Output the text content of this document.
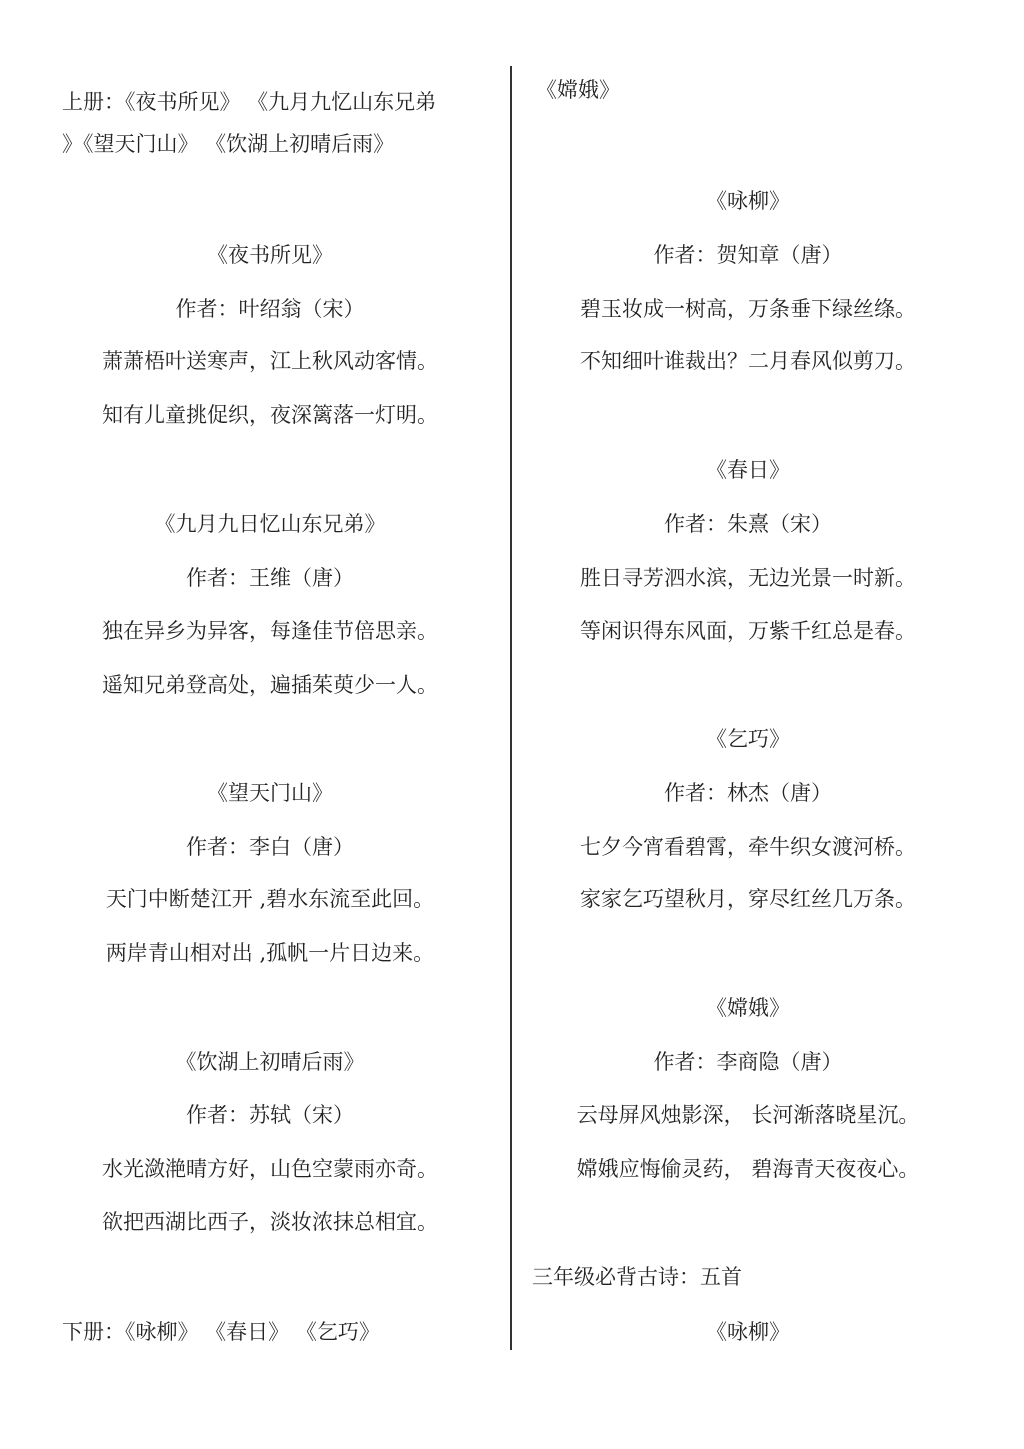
上册：《夜书所见》 《九月九忆山东兄弟
》《望天门山》 《饮湖上初晴后雨》
《夜书所见》
作者：叶绍翁（宋）
萧萧梧叶送寒声，江上秋风动客情。
知有儿童挑促织，夜深篱落一灯明。
《九月九日忆山东兄弟》
作者：王维（唐）
独在异乡为异客，每逢佳节倍思亲。
遥知兄弟登高处，遍插茱萸少一人。
《望天门山》
作者：李白（唐）
天门中断楚江开 ,碧水东流至此回。
两岸青山相对出 ,孤帆一片日边来。
《饮湖上初晴后雨》
作者：苏轼（宋）
水光潋滟晴方好，山色空蒙雨亦奇。
欲把西湖比西子，淡妆浓抹总相宜。
下册：《咏柳》 《春日》 《乞巧》
《嫦娥》
《咏柳》
作者：贺知章（唐）
碧玉妆成一树高，万条垂下绿丝绦。
不知细叶谁裁出？二月春风似剪刀。
《春日》
作者：朱熹（宋）
胜日寻芳泗水滨，无边光景一时新。
等闲识得东风面，万紫千红总是春。
《乞巧》
作者：林杰（唐）
七夕今宵看碧霄，牵牛织女渡河桥。
家家乞巧望秋月，穿尽红丝几万条。
《嫦娥》
作者：李商隐（唐）
云母屏风烛影深， 长河渐落晓星沉。
嫦娥应悔偷灵药， 碧海青天夜夜心。
三年级必背古诗：五首
《咏柳》
